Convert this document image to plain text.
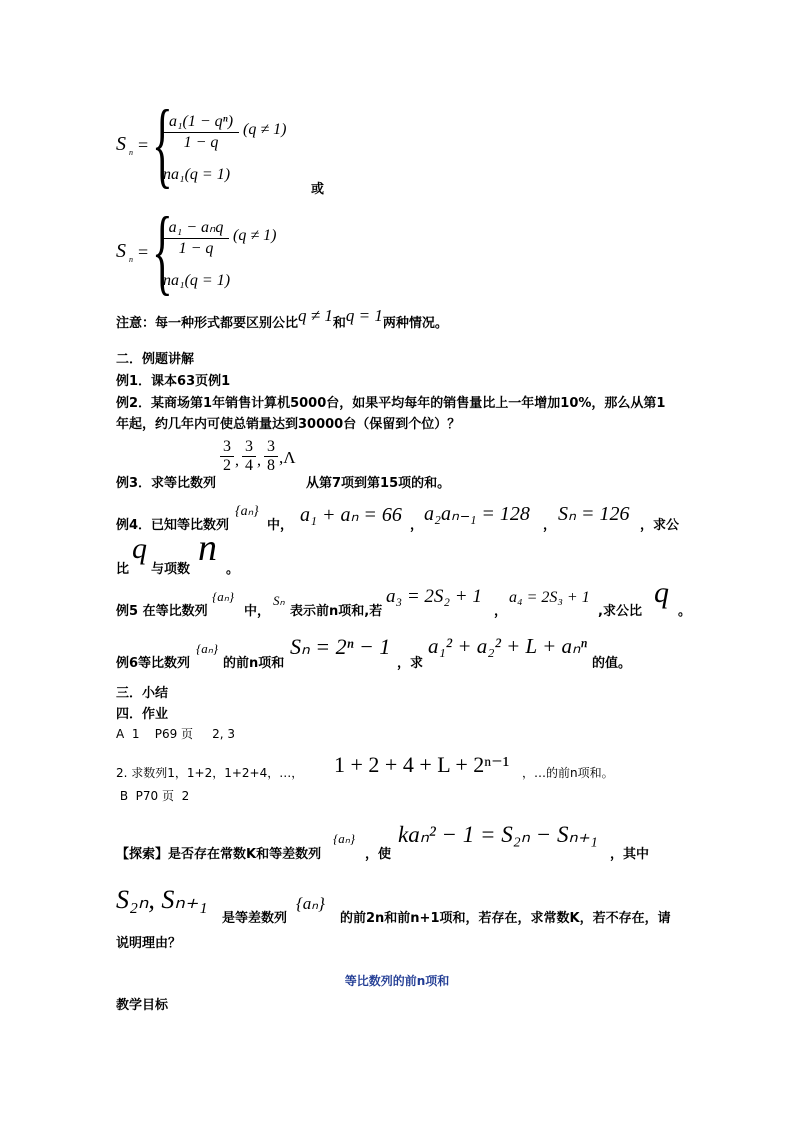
S n = {
a₁(1 − qⁿ)
1 − q
(q ≠ 1)
na₁(q = 1)
或
S n = {
a₁ − aₙq
1 − q
(q ≠ 1)
na₁(q = 1)
注意：每一种形式都要区别公比q ≠ 1和q = 1两种情况。
二．例题讲解
例1．课本63页例1
例2．某商场第1年销售计算机5000台，如果平均每年的销售量比上一年增加10%，那么从第1
年起，约几年内可使总销量达到30000台（保留到个位）？
例3．求等比数列
3
2 ,
3
4 ,
3
8 ,Λ
从第7项到第15项的和。
例4．已知等比数列
{aₙ}
中， a₁ + aₙ = 66 ，
a₂aₙ₋₁ = 128
，
Sₙ = 126
，求公
比
q
与项数
n
。
例5 在等比数列
{aₙ}
中，
Sₙ
表示前n项和,若
a₃ = 2S₂ + 1
，
a₄ = 2S₃ + 1
,求公比
q
。
例6等比数列
{aₙ}
的前n项和
Sₙ = 2ⁿ − 1
，求
a₁² + a₂² + L + aₙⁿ
的值。
三．小结
四．作业
A  1    P69 页     2, 3
2. 求数列1，1+2，1+2+4，…， 1 + 2 + 4 + L + 2ⁿ⁻¹ ，…的前n项和。
B  P70 页  2
【探索】是否存在常数K和等差数列
{aₙ}
，使
kaₙ² − 1 = S₂ₙ − Sₙ₊₁
，其中
S₂ₙ, Sₙ₊₁
是等差数列
{aₙ}
的前2n和前n+1项和，若存在，求常数K，若不存在，请
说明理由？
等比数列的前n项和
教学目标
